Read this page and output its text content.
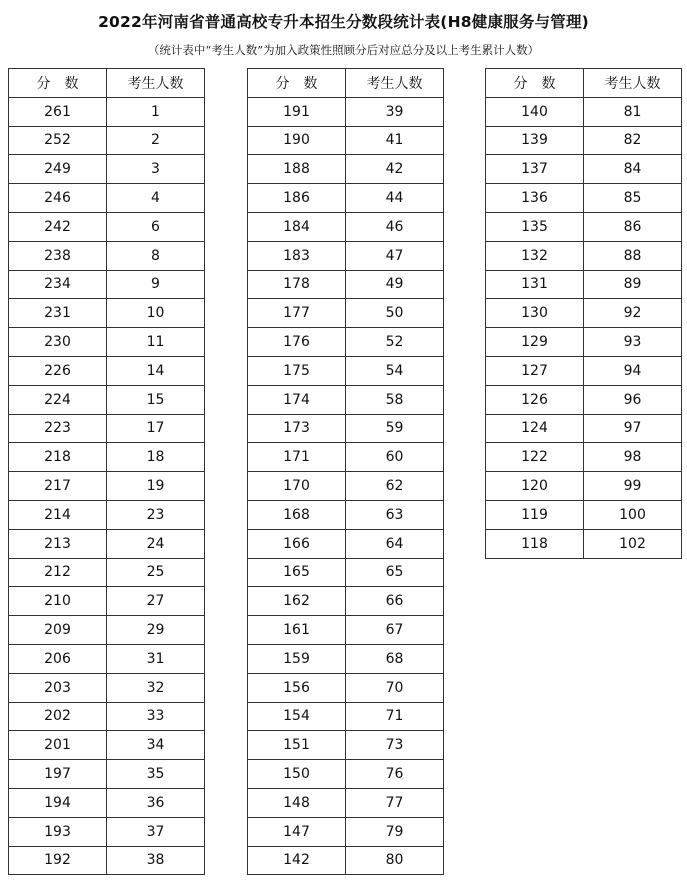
2022年河南省普通高校专升本招生分数段统计表(H8健康服务与管理)
（统计表中“考生人数”为加入政策性照顾分后对应总分及以上考生累计人数）
分　数	考生人数
261	1
252	2
249	3
246	4
242	6
238	8
234	9
231	10
230	11
226	14
224	15
223	17
218	18
217	19
214	23
213	24
212	25
210	27
209	29
206	31
203	32
202	33
201	34
197	35
194	36
193	37
192	38
分　数	考生人数
191	39
190	41
188	42
186	44
184	46
183	47
178	49
177	50
176	52
175	54
174	58
173	59
171	60
170	62
168	63
166	64
165	65
162	66
161	67
159	68
156	70
154	71
151	73
150	76
148	77
147	79
142	80
分　数	考生人数
140	81
139	82
137	84
136	85
135	86
132	88
131	89
130	92
129	93
127	94
126	96
124	97
122	98
120	99
119	100
118	102
